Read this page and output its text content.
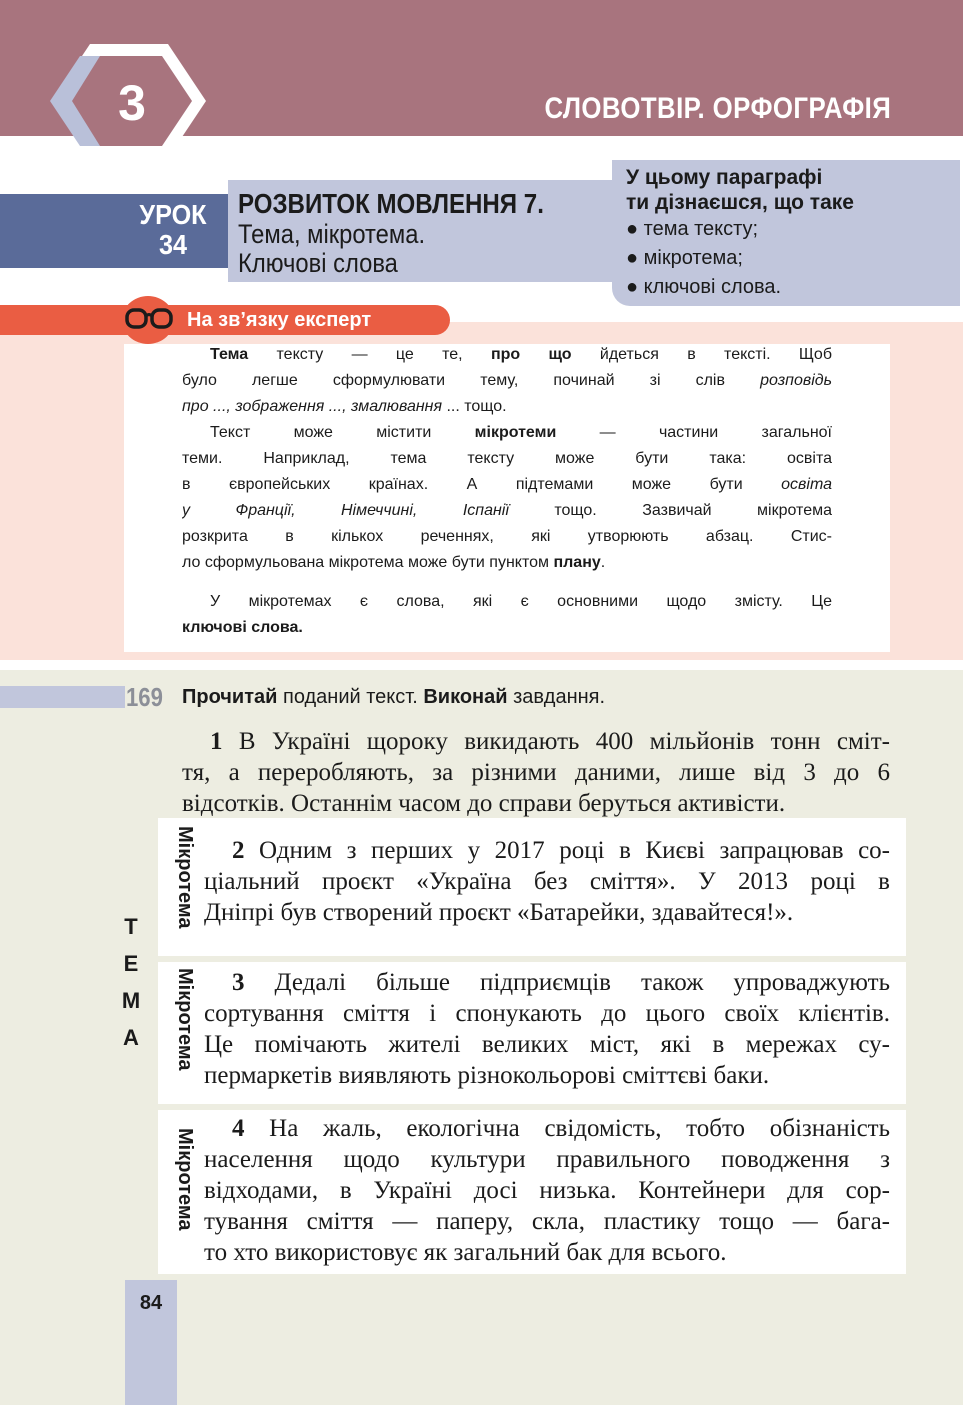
3	СЛОВОТВІР. ОРФОГРАФІЯ
УРОК
34
РОЗВИТОК МОВЛЕННЯ 7.
Тема, мікротема.
Ключові слова
У цьому параграфі
ти дізнаєшся, що таке
● тема тексту;
● мікротема;
● ключові слова.
На зв’язку експерт
Тема тексту — це те, про що йдеться в тексті. Щоб
було легше сформулювати тему, починай зі слів розповідь
про ..., зображення ..., змалювання ... тощо.
Текст може містити мікротеми — частини загальної
теми. Наприклад, тема тексту може бути така: освіта
в європейських країнах. А підтемами може бути освіта
у Франції, Німеччині, Іспанії тощо. Зазвичай мікротема
розкрита в кількох реченнях, які утворюють абзац. Стис-
ло сформульована мікротема може бути пунктом плану.
У мікротемах є слова, які є основними щодо змісту. Це
ключові слова.
169 Прочитай поданий текст. Виконай завдання.
1 В Україні щороку викидають 400 мільйонів тонн сміт-
тя, а переробляють, за різними даними, лише від 3 до 6
відсотків. Останнім часом до справи беруться активісти.
Т
Е
М
А
Мікротема	2 Одним з перших у 2017 році в Києві запрацював со-
ціальний проєкт «Україна без сміття». У 2013 році в
Дніпрі був створений проєкт «Батарейки, здавайтеся!».
Мікротема	3 Дедалі більше підприємців також упроваджують
сортування сміття і спонукають до цього своїх клієнтів.
Це помічають жителі великих міст, які в мережах су-
пермаркетів виявляють різнокольорові сміттєві баки.
Мікротема	4 На жаль, екологічна свідомість, тобто обізнаність
населення щодо культури правильного поводження з
відходами, в Україні досі низька. Контейнери для сор-
тування сміття — паперу, скла, пластику тощо — бага-
то хто використовує як загальний бак для всього.
84
